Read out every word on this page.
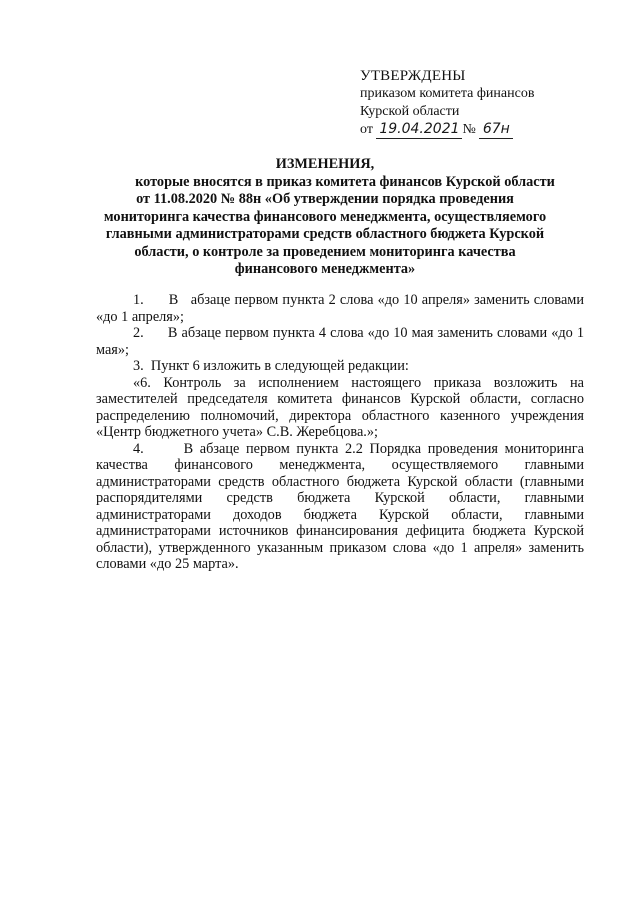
УТВЕРЖДЕНЫ
приказом комитета финансов
Курской области
от 19.04.2021 № 67н
ИЗМЕНЕНИЯ,
которые вносятся в приказ комитета финансов Курской области
от 11.08.2020 № 88н «Об утверждении порядка проведения
мониторинга качества финансового менеджмента, осуществляемого
главными администраторами средств областного бюджета Курской
области, о контроле за проведением мониторинга качества
финансового менеджмента»

1.      В   абзаце первом пункта 2 слова «до 10 апреля» заменить словами «до 1 апреля»;

2.      В абзаце первом пункта 4 слова «до 10 мая заменить словами «до 1 мая»;

3.  Пункт 6 изложить в следующей редакции:

«6. Контроль за исполнением настоящего приказа возложить на заместителей председателя комитета финансов Курской области, согласно распределению полномочий, директора областного казенного учреждения «Центр бюджетного учета» С.В. Жеребцова.»;

4.      В абзаце первом пункта 2.2 Порядка проведения мониторинга качества финансового менеджмента, осуществляемого главными администраторами средств областного бюджета Курской области (главными распорядителями средств бюджета Курской области, главными администраторами доходов бюджета Курской области, главными администраторами источников финансирования дефицита бюджета Курской области), утвержденного указанным приказом слова «до 1 апреля» заменить словами «до 25 марта».
